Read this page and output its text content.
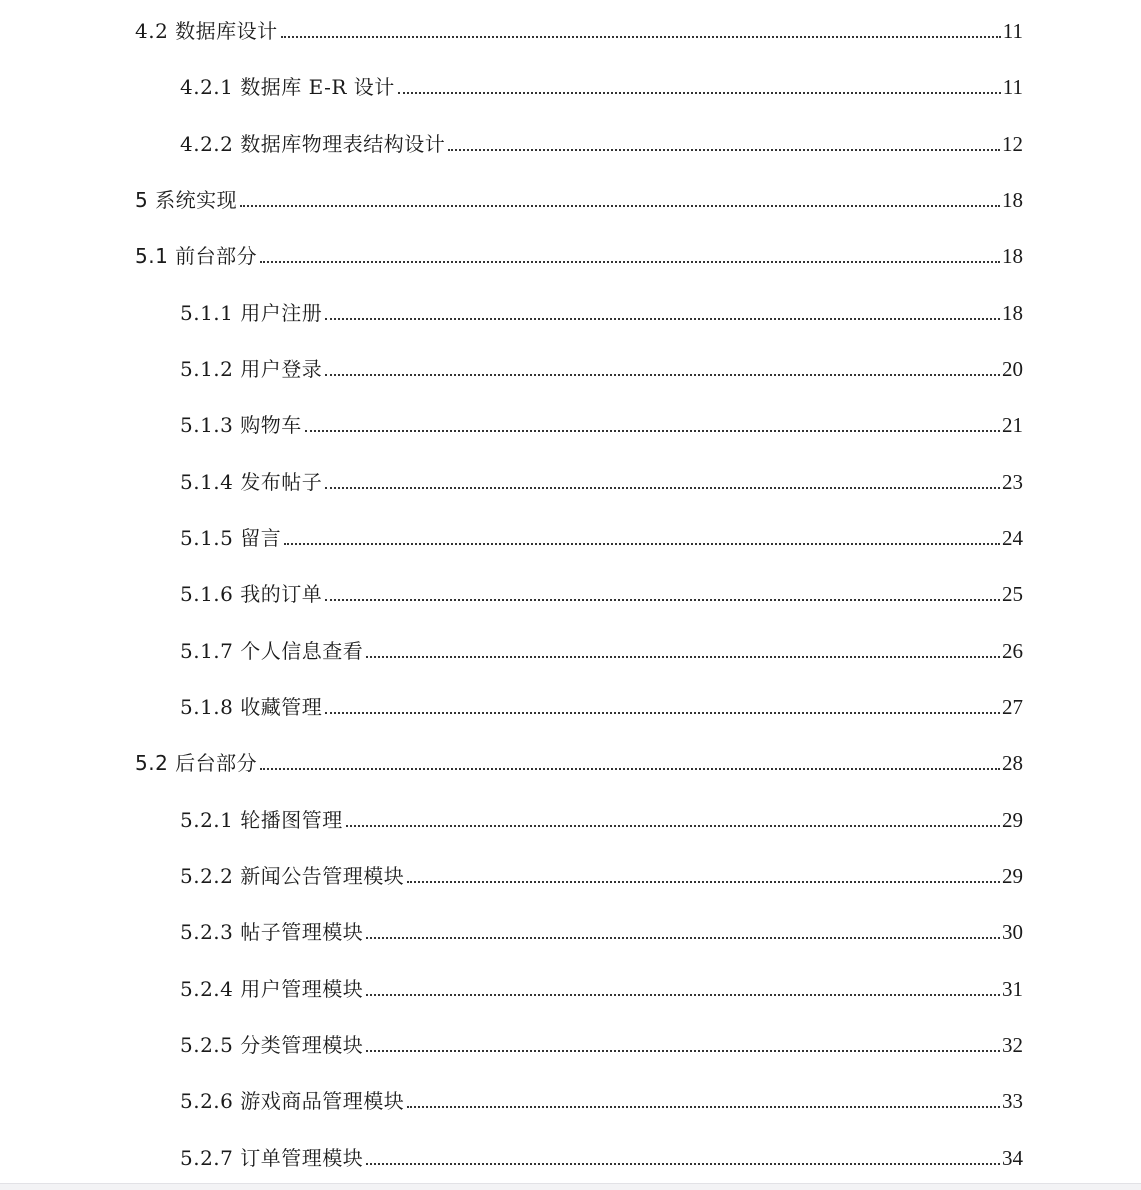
4.2 数据库设计	11
4.2.1 数据库 E-R 设计	11
4.2.2 数据库物理表结构设计	12
5 系统实现	18
5.1 前台部分	18
5.1.1 用户注册	18
5.1.2 用户登录	20
5.1.3 购物车	21
5.1.4 发布帖子	23
5.1.5 留言	24
5.1.6 我的订单	25
5.1.7 个人信息查看	26
5.1.8 收藏管理	27
5.2 后台部分	28
5.2.1 轮播图管理	29
5.2.2 新闻公告管理模块	29
5.2.3 帖子管理模块	30
5.2.4 用户管理模块	31
5.2.5 分类管理模块	32
5.2.6 游戏商品管理模块	33
5.2.7 订单管理模块	34
